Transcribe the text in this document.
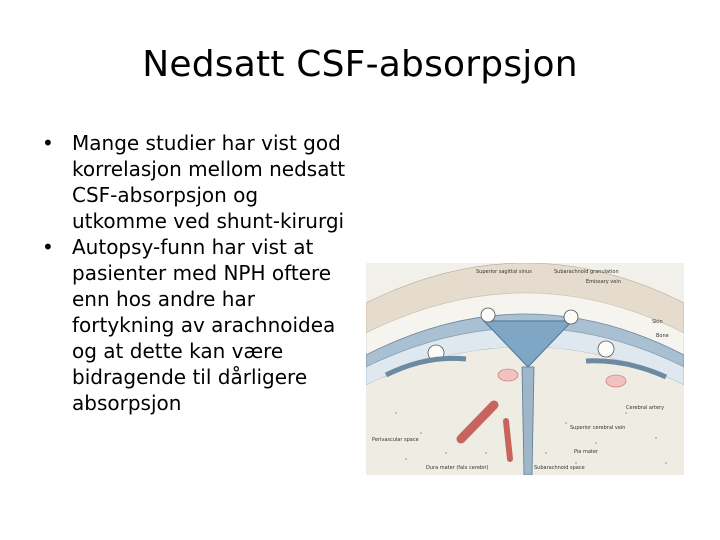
Nedsatt CSF-absorpsjon
• Mange studier har vist god korrelasjon mellom nedsatt CSF-absorpsjon og utkomme ved shunt-kirurgi
• Autopsy-funn har vist at pasienter med NPH oftere enn hos andre har fortykning av arachnoidea og at dette kan være bidragende til dårligere absorpsjon
Superior sagittal sinus	Subarachnoid granulation
Emissary vein
Skin
Bone
Cerebral artery
Superior cerebral vein
Pia mater
Subarachnoid space
Perivascular space
Dura mater (falx cerebri)
